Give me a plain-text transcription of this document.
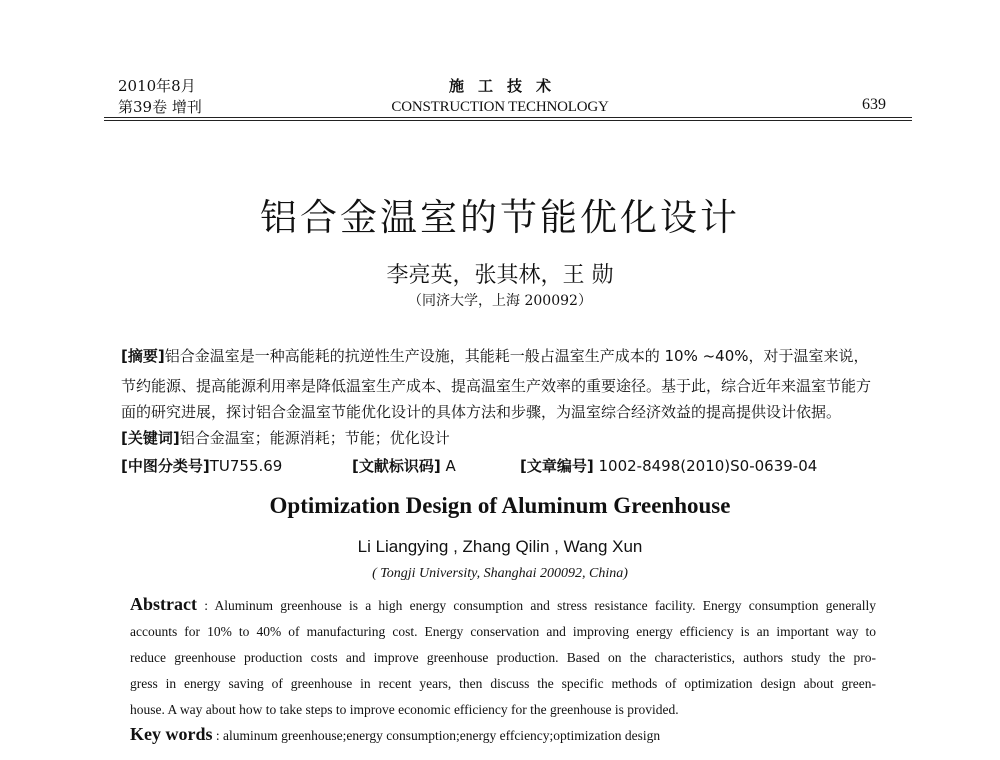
2010年8月
第39卷 增刊
施工技术
CONSTRUCTION TECHNOLOGY	639
铝合金温室的节能优化设计
李亮英，张其林，王 勋
（同济大学，上海 200092）
[摘要]铝合金温室是一种高能耗的抗逆性生产设施，其能耗一般占温室生产成本的 10% ~40%，对于温室来说，
节约能源、提高能源利用率是降低温室生产成本、提高温室生产效率的重要途径。基于此，综合近年来温室节能方
面的研究进展，探讨铝合金温室节能优化设计的具体方法和步骤，为温室综合经济效益的提高提供设计依据。
[关键词]铝合金温室；能源消耗；节能；优化设计
[中图分类号]TU755.69	[文献标识码] A	[文章编号] 1002-8498(2010)S0-0639-04
Optimization Design of Aluminum Greenhouse
Li Liangying , Zhang Qilin , Wang Xun
( Tongji University, Shanghai 200092, China)
Abstract : Aluminum greenhouse is a high energy consumption and stress resistance facility. Energy consumption generally
accounts for 10% to 40% of manufacturing cost. Energy conservation and improving energy efficiency is an important way to
reduce greenhouse production costs and improve greenhouse production. Based on the characteristics, authors study the pro-
gress in energy saving of greenhouse in recent years, then discuss the specific methods of optimization design about green-
house. A way about how to take steps to improve economic efficiency for the greenhouse is provided.
Key words : aluminum greenhouse;energy consumption;energy effciency;optimization design
